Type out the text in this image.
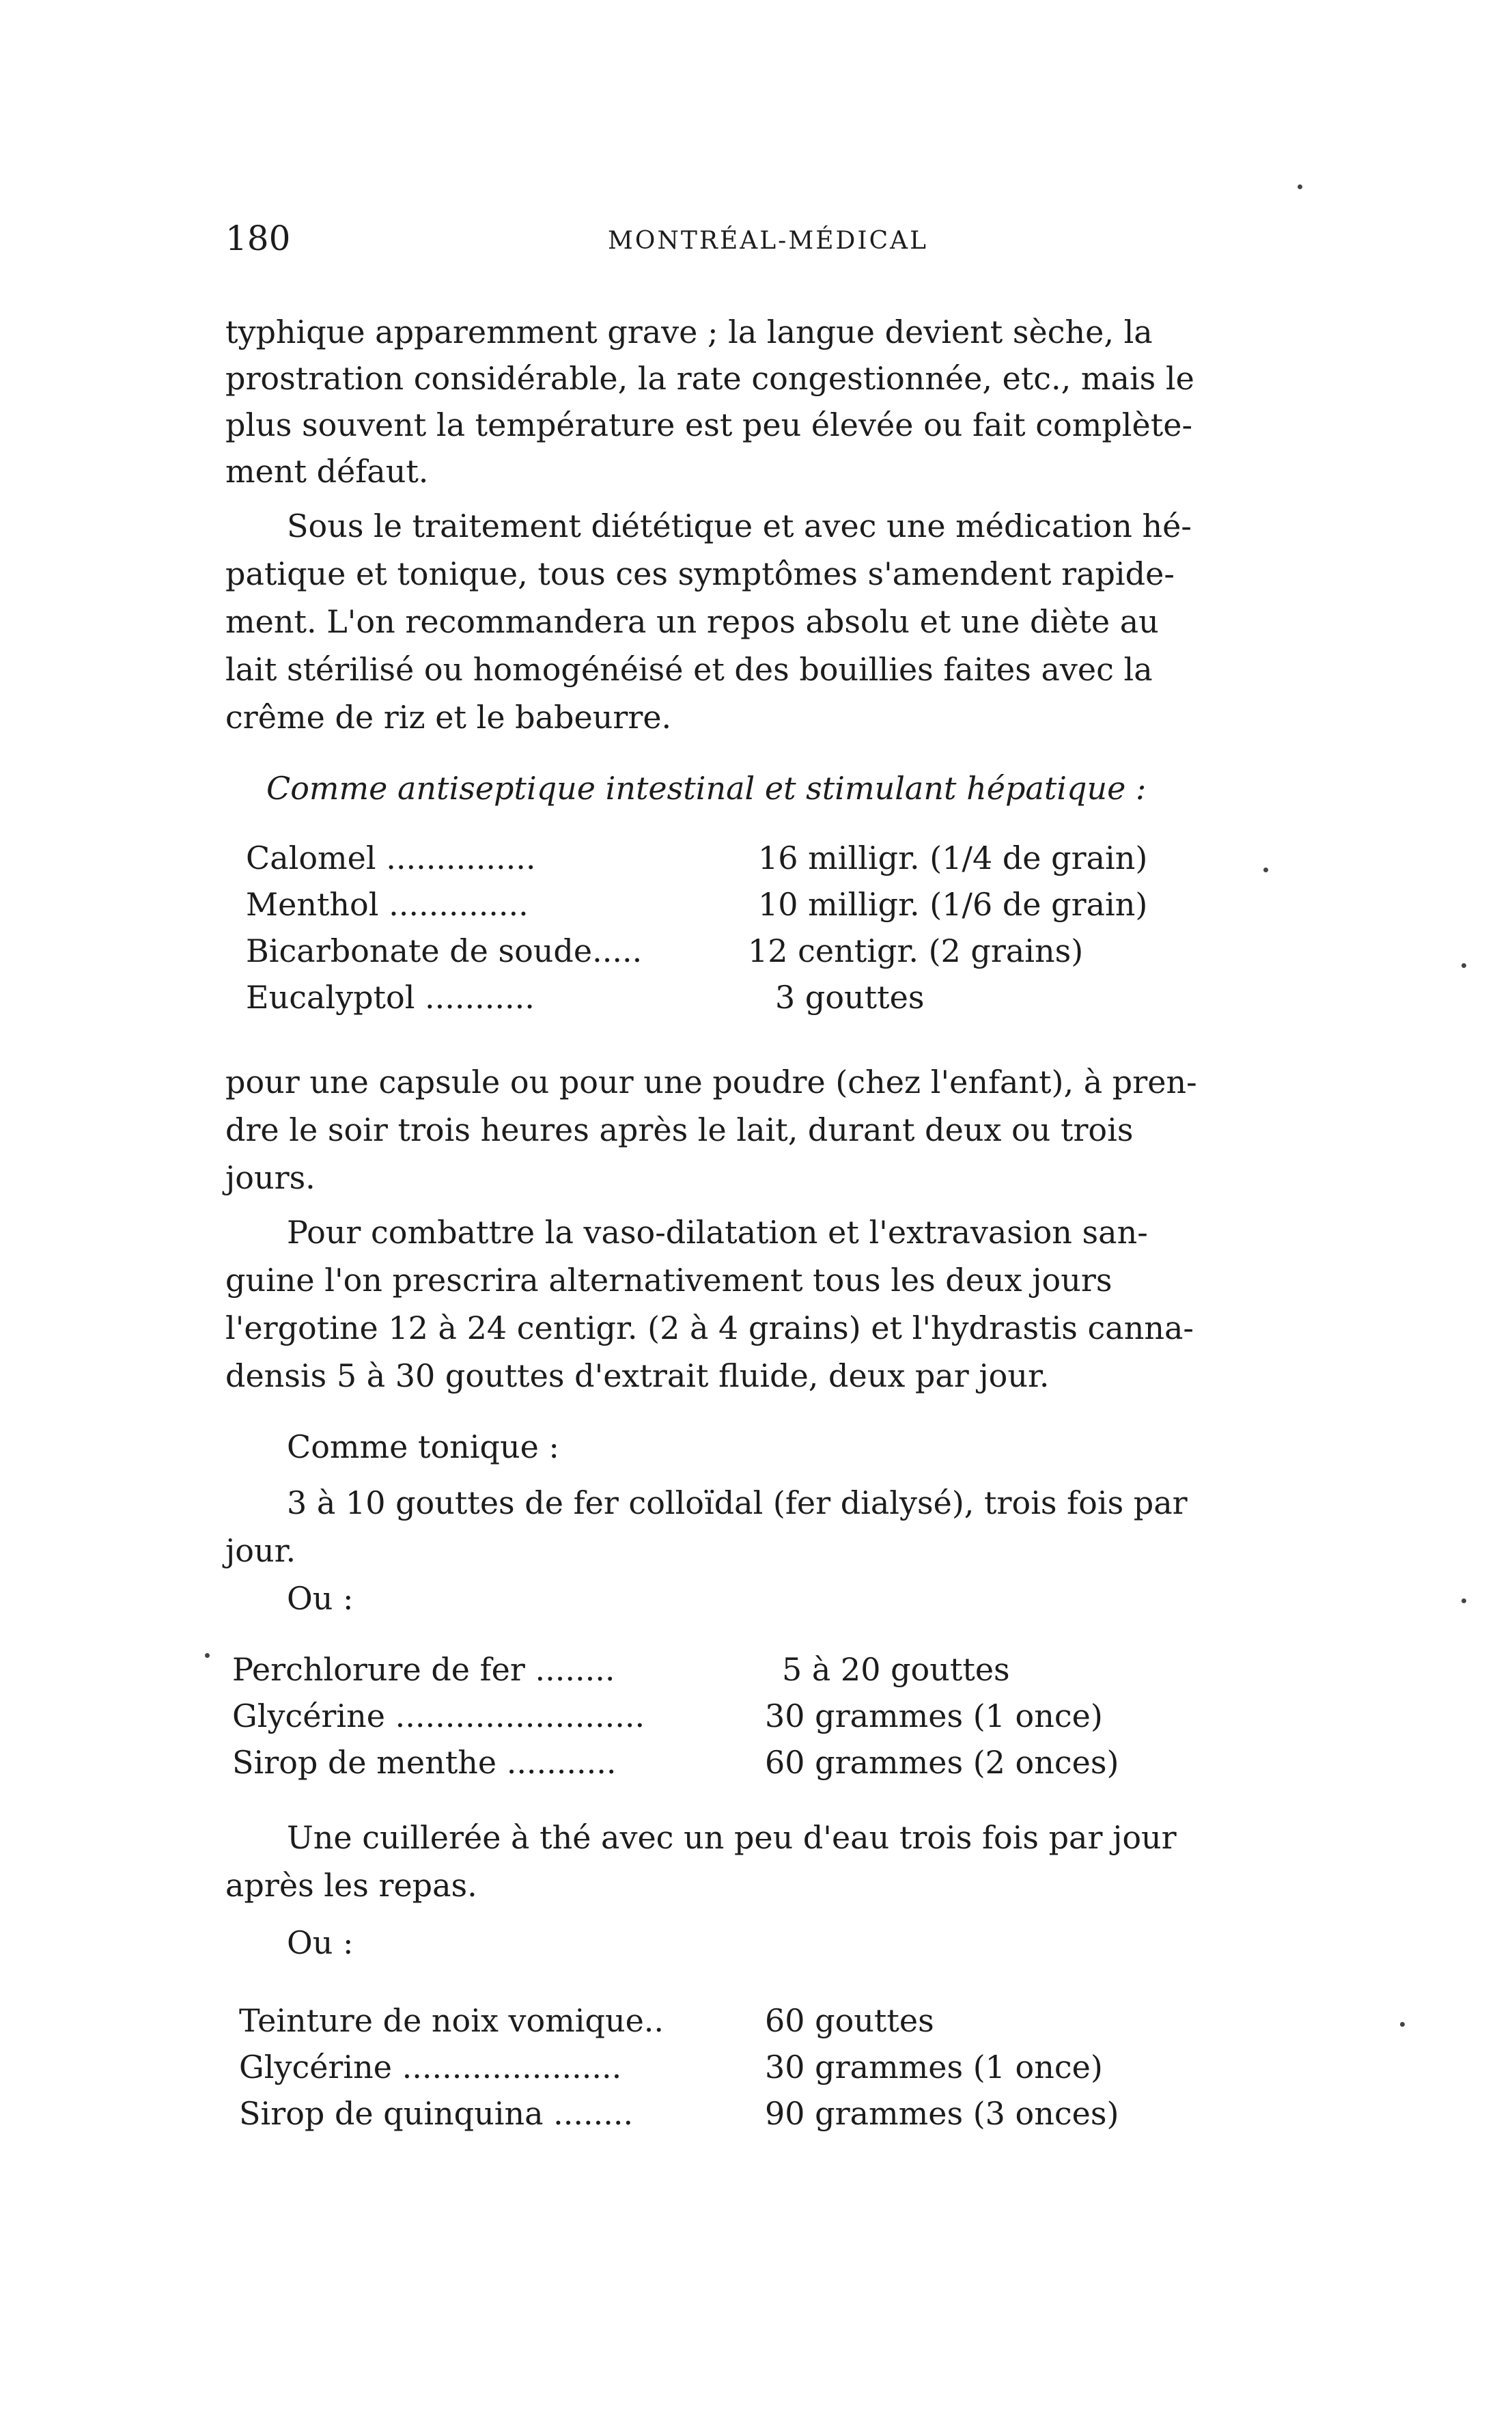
180	MONTRÉAL-MÉDICAL
typhique apparemment grave ; la langue devient sèche, la
prostration considérable, la rate congestionnée, etc., mais le
plus souvent la température est peu élevée ou fait complète-
ment défaut.
Sous le traitement diététique et avec une médication hé-
patique et tonique, tous ces symptômes s'amendent rapide-
ment. L'on recommandera un repos absolu et une diète au
lait stérilisé ou homogénéisé et des bouillies faites avec la
crême de riz et le babeurre.
Comme antiseptique intestinal et stimulant hépatique :
Calomel ...............	16 milligr. (1/4 de grain)
Menthol ..............	10 milligr. (1/6 de grain)
Bicarbonate de soude.....	12 centigr. (2 grains)
Eucalyptol ...........	3 gouttes
pour une capsule ou pour une poudre (chez l'enfant), à pren-
dre le soir trois heures après le lait, durant deux ou trois
jours.
Pour combattre la vaso-dilatation et l'extravasion san-
guine l'on prescrira alternativement tous les deux jours
l'ergotine 12 à 24 centigr. (2 à 4 grains) et l'hydrastis canna-
densis 5 à 30 gouttes d'extrait fluide, deux par jour.
Comme tonique :
3 à 10 gouttes de fer colloïdal (fer dialysé), trois fois par
jour.
Ou :
Perchlorure de fer ........	5 à 20 gouttes
Glycérine .........................	30 grammes (1 once)
Sirop de menthe ...........	60 grammes (2 onces)
Une cuillerée à thé avec un peu d'eau trois fois par jour
après les repas.
Ou :
Teinture de noix vomique..	60 gouttes
Glycérine ......................	30 grammes (1 once)
Sirop de quinquina ........	90 grammes (3 onces)
